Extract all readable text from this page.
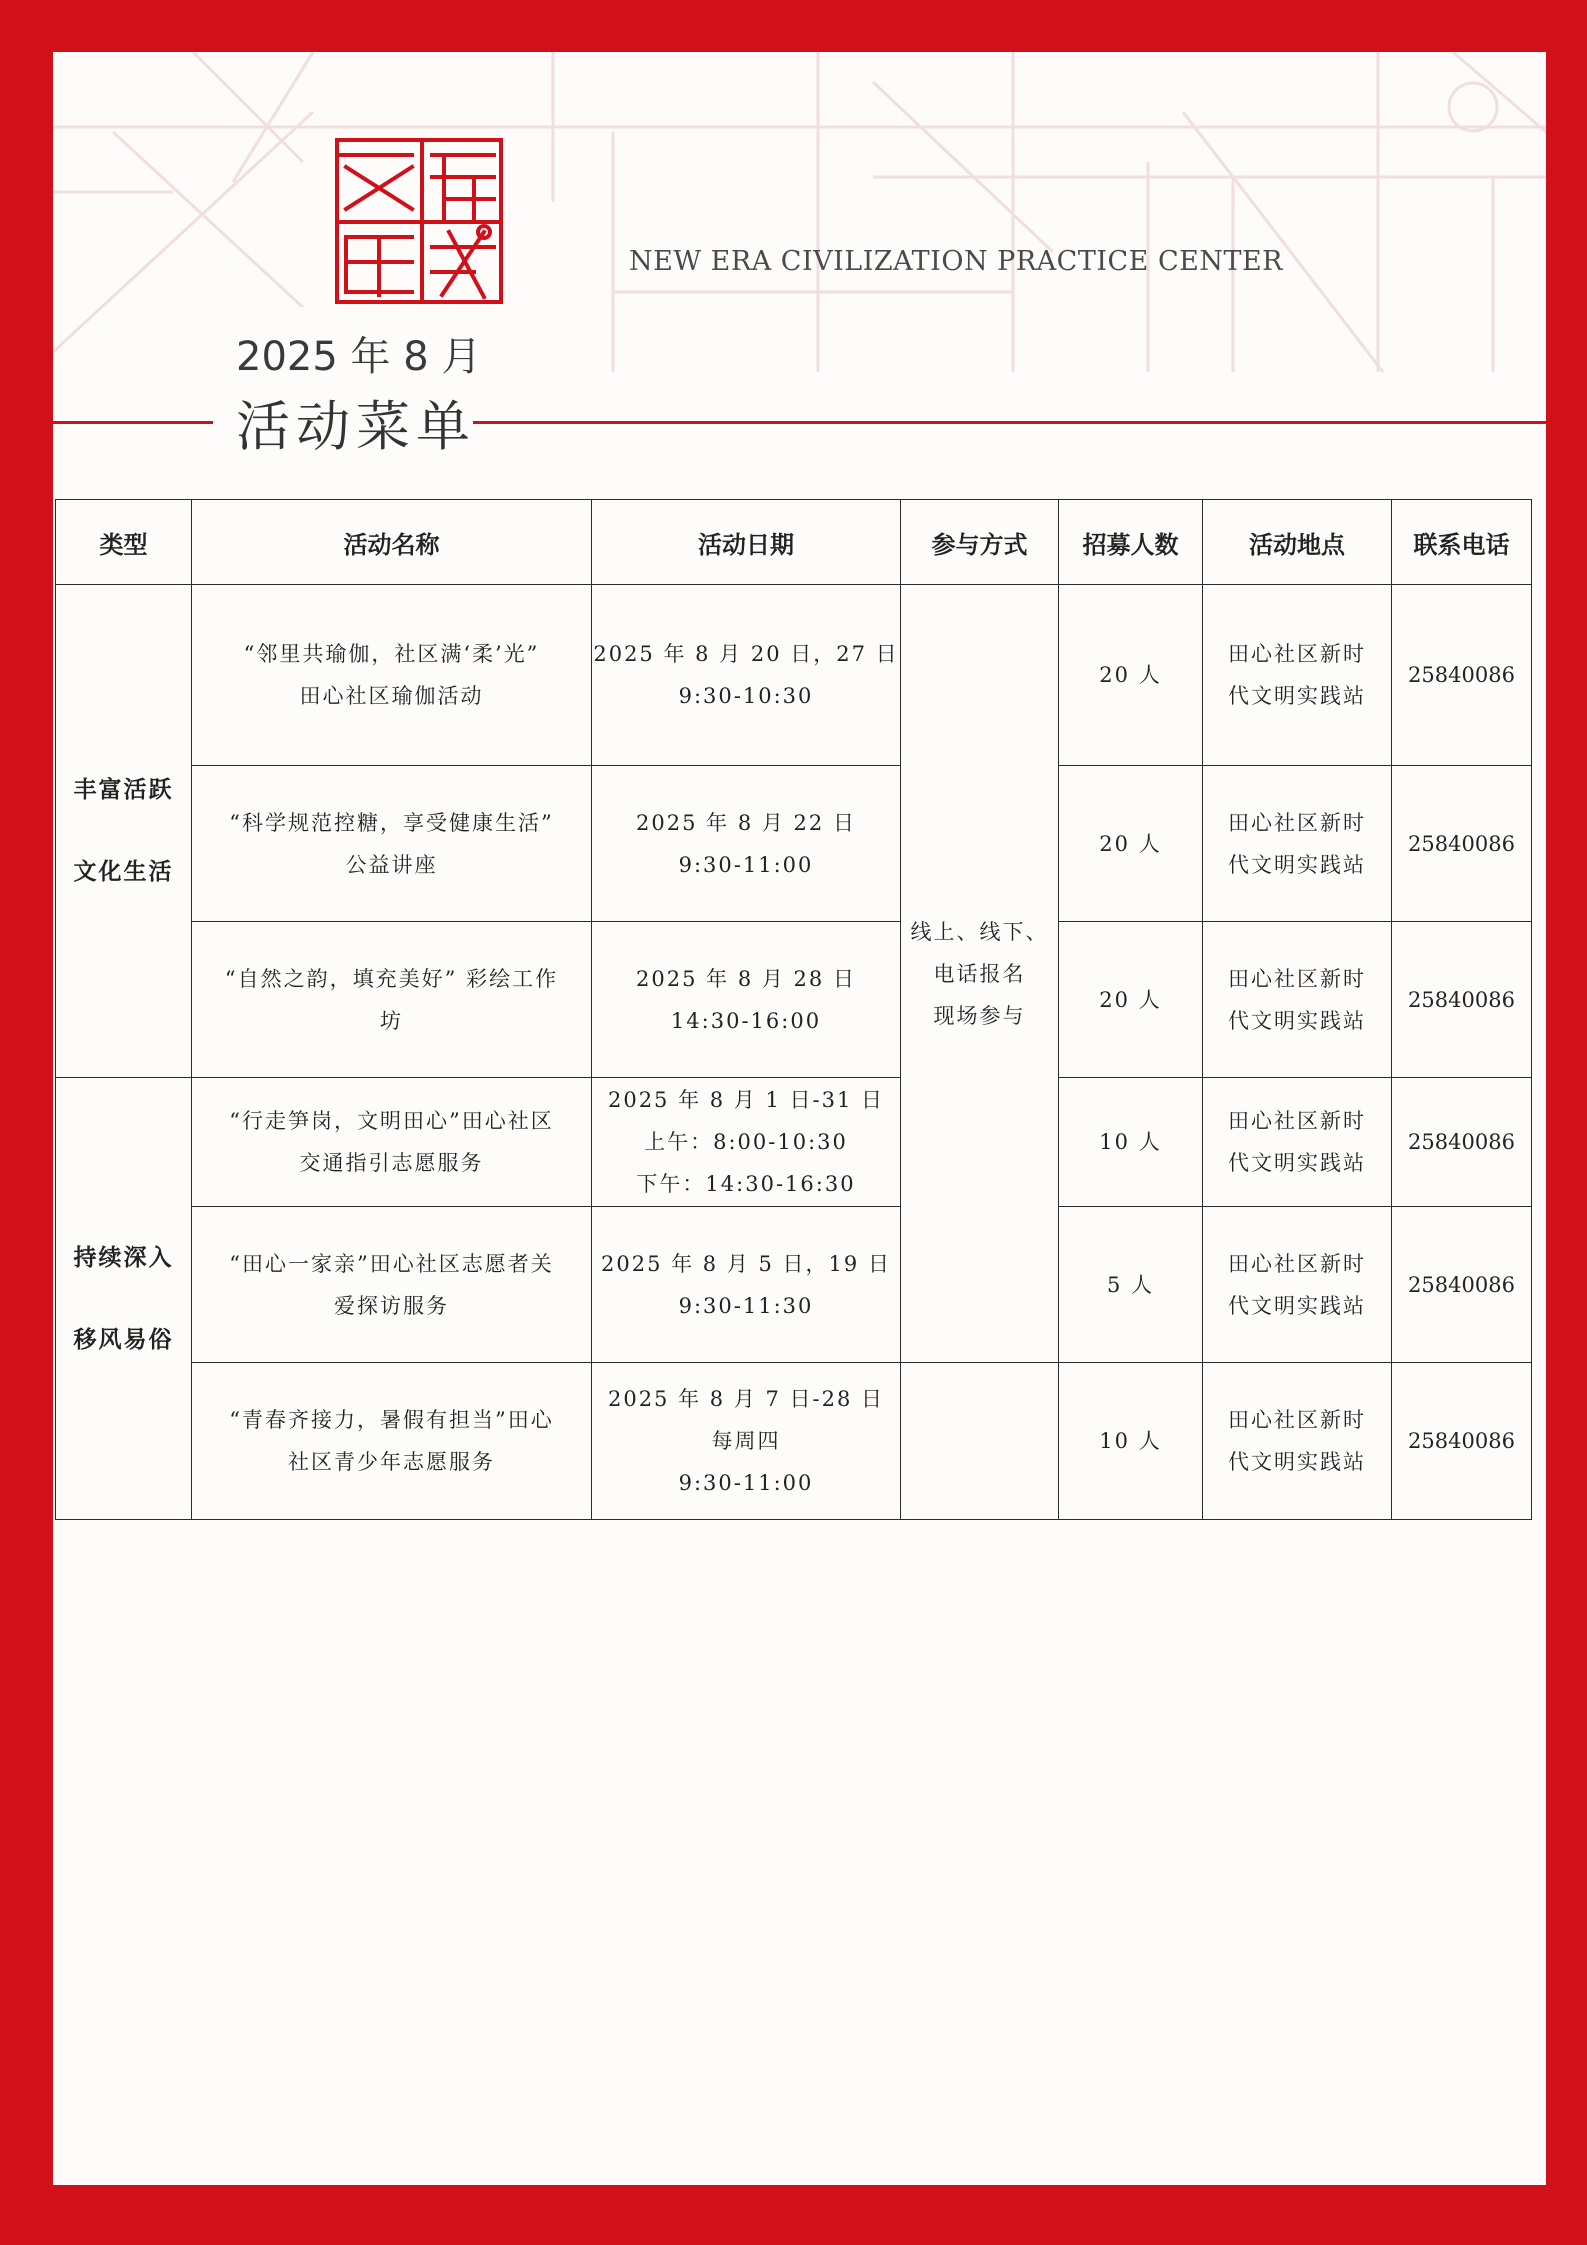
NEW ERA CIVILIZATION PRACTICE CENTER
2025 年 8 月
活动菜单
类型	活动名称	活动日期	参与方式	招募人数	活动地点	联系电话

丰富活跃
文化生活	“邻里共瑜伽，社区满‘柔’光”
田心社区瑜伽活动	2025 年 8 月 20 日，27 日
9:30-10:30	线上、线下、
电话报名
现场参与	20 人	田心社区新时
代文明实践站	25840086

	“科学规范控糖，享受健康生活”
公益讲座	2025 年 8 月 22 日
9:30-11:00		20 人	田心社区新时
代文明实践站	25840086

	“自然之韵，填充美好” 彩绘工作
坊	2025 年 8 月 28 日
14:30-16:00		20 人	田心社区新时
代文明实践站	25840086

持续深入
移风易俗	“行走笋岗，文明田心”田心社区
交通指引志愿服务	2025 年 8 月 1 日-31 日
上午：8:00-10:30
下午：14:30-16:30		10 人	田心社区新时
代文明实践站	25840086

	“田心一家亲”田心社区志愿者关
爱探访服务	2025 年 8 月 5 日，19 日
9:30-11:30		5 人	田心社区新时
代文明实践站	25840086

	“青春齐接力，暑假有担当”田心
社区青少年志愿服务	2025 年 8 月 7 日-28 日
每周四
9:30-11:00		10 人	田心社区新时
代文明实践站	25840086
